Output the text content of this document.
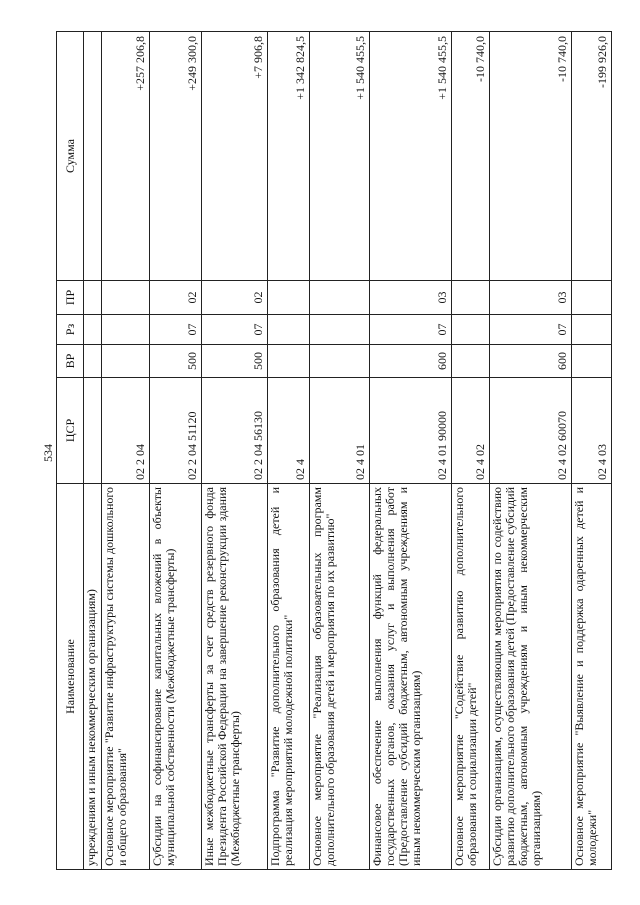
534
Наименование	ЦСР	ВР	Рз	ПР	Сумма
учреждениям и иным некоммерческим организациям)					
Основное мероприятие "Развитие инфраструктуры системы дошкольного и общего образования"	02 2 04				+257 206,8
Субсидии на софинансирование капитальных вложений в объекты муниципальной собственности (Межбюджетные трансферты)	02 2 04 51120	500	07	02	+249 300,0
Иные межбюджетные трансферты за счет средств резервного фонда Президента Российской Федерации на завершение реконструкции здания (Межбюджетные трансферты)	02 2 04 56130	500	07	02	+7 906,8
Подпрограмма "Развитие дополнительного образования детей и реализация мероприятий молодежной политики"	02 4				+1 342 824,5
Основное мероприятие "Реализация образовательных программ дополнительного образования детей и мероприятия по их развитию"	02 4 01				+1 540 455,5
Финансовое обеспечение выполнения функций федеральных государственных органов, оказания услуг и выполнения работ (Предоставление субсидий бюджетным, автономным учреждениям и иным некоммерческим организациям)	02 4 01 90000	600	07	03	+1 540 455,5
Основное мероприятие "Содействие развитию дополнительного образования и социализации детей"	02 4 02				-10 740,0
Субсидии организациям, осуществляющим мероприятия по содействию развитию дополнительного образования детей (Предоставление субсидий бюджетным, автономным учреждениям и иным некоммерческим организациям)	02 4 02 60070	600	07	03	-10 740,0
Основное мероприятие "Выявление и поддержка одаренных детей и молодежи"	02 4 03				-199 926,0
